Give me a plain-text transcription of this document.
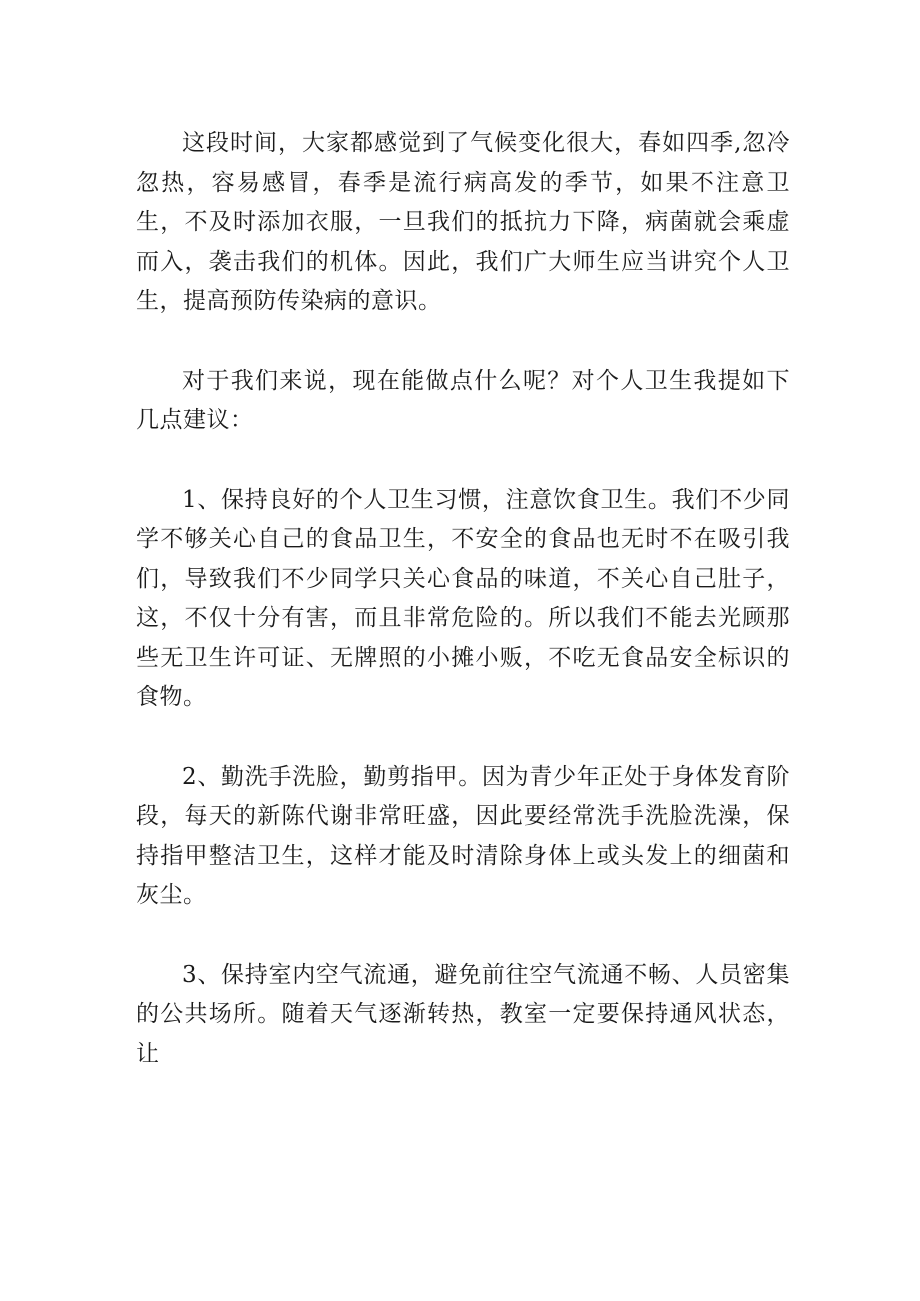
这段时间，大家都感觉到了气候变化很大，春如四季,忽冷忽热，容易感冒，春季是流行病高发的季节，如果不注意卫生，不及时添加衣服，一旦我们的抵抗力下降，病菌就会乘虚而入，袭击我们的机体。因此，我们广大师生应当讲究个人卫生，提高预防传染病的意识。

对于我们来说，现在能做点什么呢？对个人卫生我提如下几点建议：

1、保持良好的个人卫生习惯，注意饮食卫生。我们不少同学不够关心自己的食品卫生，不安全的食品也无时不在吸引我们，导致我们不少同学只关心食品的味道，不关心自己肚子，这，不仅十分有害，而且非常危险的。所以我们不能去光顾那些无卫生许可证、无牌照的小摊小贩，不吃无食品安全标识的食物。

2、勤洗手洗脸，勤剪指甲。因为青少年正处于身体发育阶段，每天的新陈代谢非常旺盛，因此要经常洗手洗脸洗澡，保持指甲整洁卫生，这样才能及时清除身体上或头发上的细菌和灰尘。

3、保持室内空气流通，避免前往空气流通不畅、人员密集的公共场所。随着天气逐渐转热，教室一定要保持通风状态，让
